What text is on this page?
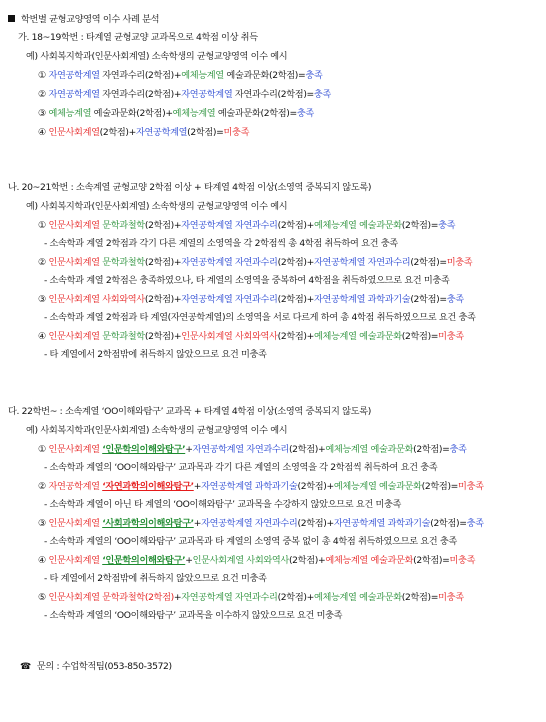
학번별 균형교양영역 이수 사례 분석
가. 18~19학번 : 타계열 균형교양 교과목으로 4학점 이상 취득
예) 사회복지학과(인문사회계열) 소속학생의 균형교양영역 이수 예시
① 자연공학계열 자연과수리(2학점)+예체능계열 예술과문화(2학점)=충족
② 자연공학계열 자연과수리(2학점)+자연공학계열 자연과수리(2학점)=충족
③ 예체능계열 예술과문화(2학점)+예체능계열 예술과문화(2학점)=충족
④ 인문사회계열(2학점)+자연공학계열(2학점)=미충족
나. 20~21학번 : 소속계열 균형교양 2학점 이상 + 타계열 4학점 이상(소영역 중복되지 않도록)
예) 사회복지학과(인문사회계열) 소속학생의 균형교양영역 이수 예시
① 인문사회계열 문학과철학(2학점)+자연공학계열 자연과수리(2학점)+예체능계열 예술과문화(2학점)=충족
- 소속학과 계열 2학점과 각기 다른 계열의 소영역을 각 2학점씩 총 4학점 취득하여 요건 충족
② 인문사회계열 문학과철학(2학점)+자연공학계열 자연과수리(2학점)+자연공학계열 자연과수리(2학점)=미충족
- 소속학과 계열 2학점은 충족하였으나, 타 계열의 소영역을 중복하여 4학점을 취득하였으므로 요건 미충족
③ 인문사회계열 사회와역사(2학점)+자연공학계열 자연과수리(2학점)+자연공학계열 과학과기술(2학점)=충족
- 소속학과 계열 2학점과 타 계열(자연공학계열)의 소영역을 서로 다르게 하여 총 4학점 취득하였으므로 요건 충족
④ 인문사회계열 문학과철학(2학점)+인문사회계열 사회와역사(2학점)+예체능계열 예술과문화(2학점)=미충족
- 타 계열에서 2학점밖에 취득하지 않았으므로 요건 미충족
다. 22학번~ : 소속계열 ‘OO이해와탐구’ 교과목 + 타계열 4학점 이상(소영역 중복되지 않도록)
예) 사회복지학과(인문사회계열) 소속학생의 균형교양영역 이수 예시
① 인문사회계열 ‘인문학의이해와탐구’+자연공학계열 자연과수리(2학점)+예체능계열 예술과문화(2학점)=충족
- 소속학과 계열의 ‘OO이해와탐구’ 교과목과 각기 다른 계열의 소영역을 각 2학점씩 취득하여 요건 충족
② 자연공학계열 ‘자연과학의이해와탐구’+자연공학계열 과학과기술(2학점)+예체능계열 예술과문화(2학점)=미충족
- 소속학과 계열이 아닌 타 계열의 ‘OO이해와탐구’ 교과목을 수강하지 않았으므로 요건 미충족
③ 인문사회계열 ‘사회과학의이해와탐구’+자연공학계열 자연과수리(2학점)+자연공학계열 과학과기술(2학점)=충족
- 소속학과 계열의 ‘OO이해와탐구’ 교과목과 타 계열의 소영역 중복 없이 총 4학점 취득하였으므로 요건 충족
④ 인문사회계열 ‘인문학의이해와탐구’+인문사회계열 사회와역사(2학점)+예체능계열 예술과문화(2학점)=미충족
- 타 계열에서 2학점밖에 취득하지 않았으므로 요건 미충족
⑤ 인문사회계열 문학과철학(2학점)+자연공학계열 자연과수리(2학점)+예체능계열 예술과문화(2학점)=미충족
- 소속학과 계열의 ‘OO이해와탐구’ 교과목을 이수하지 않았으므로 요건 미충족
☎ 문의 : 수업학적팀(053-850-3572)
